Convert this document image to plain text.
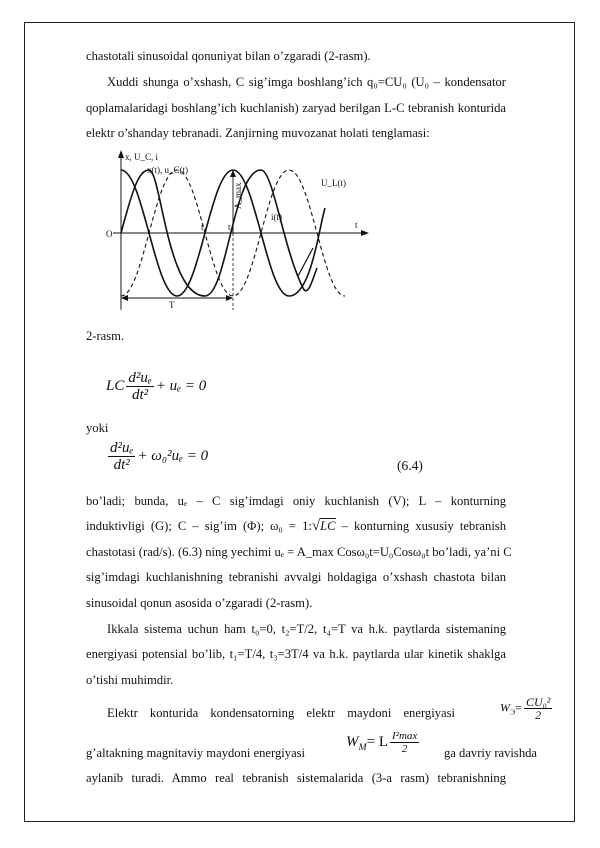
chastotali sinusoidal qonuniyat bilan o’zgaradi (2-rasm).
Xuddi shunga o’xshash, C sig’imga boshlang’ich q₀=CU₀ (U₀ – kondensator
qoplamalaridagi boshlang’ich kuchlanish) zaryad berilgan L-C tebranish konturida
elektr o’shanday tebranadi. Zanjirning muvozanat holati tenglamasi:
A_max
x, U_C, i
x(t), u_C(t)
U_L(t)
i(t)
O
t₁ t₄	t
T
2-rasm.
LC $\frac{\text{d²uₑ}}{\text{dt²}} + u_e = 0$
yoki
$\frac{\text{d²uₑ}}{\text{dt²}} + \omega_0^2u_e = 0$
(6.4)
bo’ladi; bunda, uₑ – C sig’imdagi oniy kuchlanish (V); L – konturning
induktivligi (G); C – sig’im (Φ); ω₀ = 1:√LC – konturning xususiy tebranish
chastotasi (rad/s). (6.3) ning yechimi uₑ = A_max Cosω₀t=U₀Cosω₀t bo’ladi, ya’ni C
sig’imdagi kuchlanishning tebranishi avvalgi holdagiga o’xshash chastota bilan
sinusoidal qonun asosida o’zgaradi (2-rasm).
Ikkala sistema uchun ham t₀=0, t₂=T/2, t₄=T va h.k. paytlarda sistemaning
energiyasi potensial bo’lib, t₁=T/4, t₃=3T/4 va h.k. paytlarda ular kinetik shaklga
o’tishi muhimdir.
Elektr konturida kondensatorning elektr maydoni energiyasi	$W_Э= \frac{\text{CU₀²}}{2}$
g’altakning magnitaviy maydoni energiyasi
$W_M= L \frac{\text{I²max}}{2}$ ga davriy ravishda
aylanib turadi. Ammo real tebranish sistemalarida (3-a rasm) tebranishning
